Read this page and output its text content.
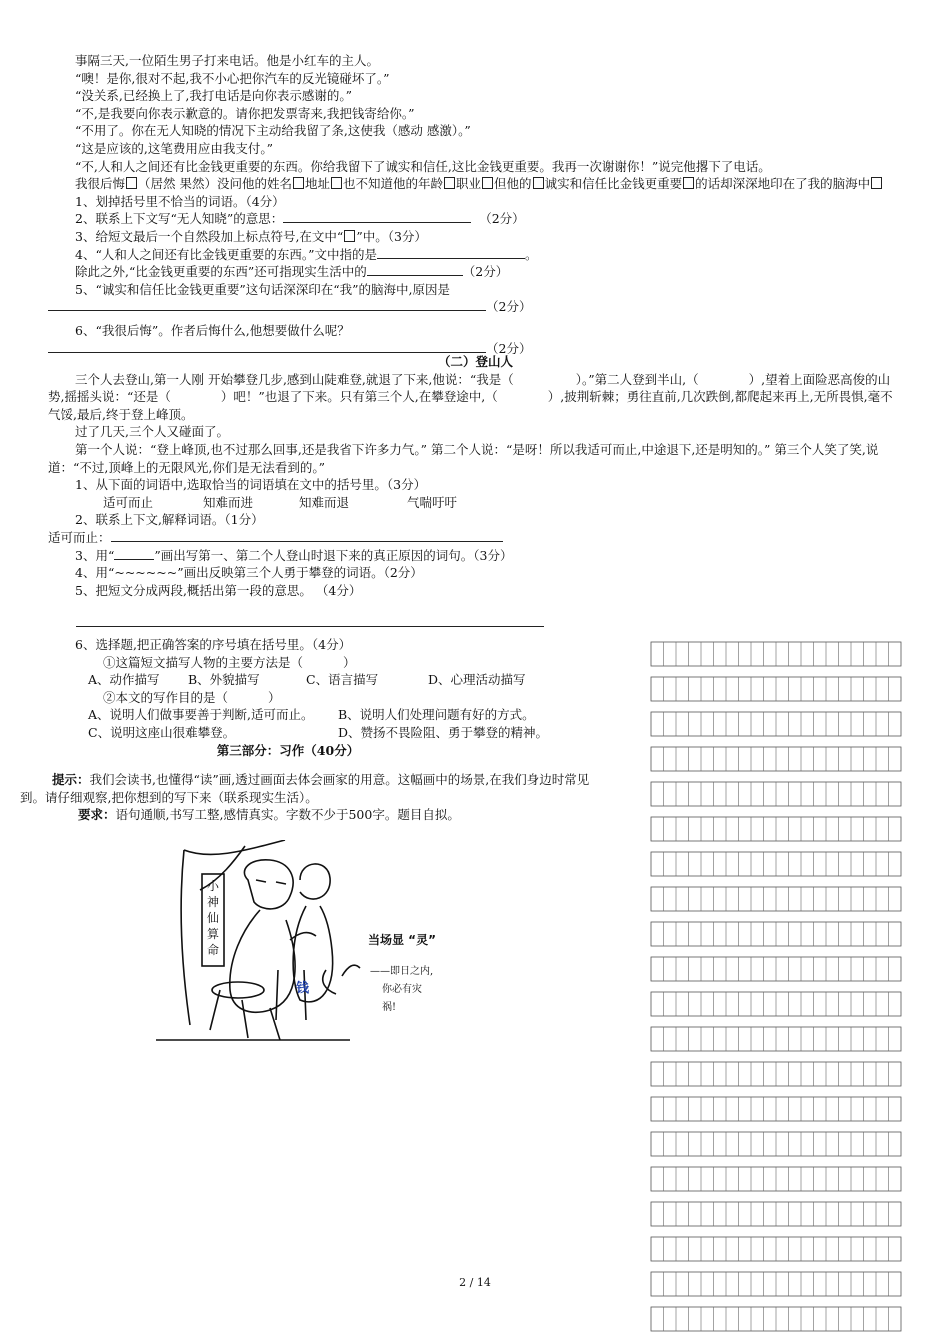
事隔三天,一位陌生男子打来电话。他是小红车的主人。

“噢！是你,很对不起,我不小心把你汽车的反光镜碰坏了。”

“没关系,已经换上了,我打电话是向你表示感谢的。”

“不,是我要向你表示歉意的。请你把发票寄来,我把钱寄给你。”

“不用了。你在无人知晓的情况下主动给我留了条,这使我（感动 感激）。”

“这是应该的,这笔费用应由我支付。”

“不,人和人之间还有比金钱更重要的东西。你给我留下了诚实和信任,这比金钱更重要。我再一次谢谢你！”说完他撂下了电话。

我很后悔 （居然 果然）没问他的姓名 地址 也不知道他的年龄 职业 但他的 诚实和信任比金钱更重要 的话却深深地印在了我的脑海中

1、划掉括号里不恰当的词语。（4分）

2、联系上下文写“无人知晓”的意思：	（2分）

3、给短文最后一个自然段加上标点符号,在文中“ ”中。（3分）

4、“人和人之间还有比金钱更重要的东西。”文中指的是	。

除此之外,“比金钱更重要的东西”还可指现实生活中的	（2分）

5、“诚实和信任比金钱更重要”这句话深深印在“我”的脑海中,原因是

（2分）

6、“我很后悔”。作者后悔什么,他想要做什么呢？

（2分）

（二）登山人

三个人去登山,第一人刚 开始攀登几步,感到山陡难登,就退了下来,他说：“我是（	）。”第二人登到半山,（	）,望着上面险恶高俊的山势,摇摇头说：“还是（	）吧！”也退了下来。只有第三个人,在攀登途中,（	）,披荆斩棘；勇往直前,几次跌倒,都爬起来再上,无所畏惧,毫不气馁,最后,终于登上峰顶。

过了几天,三个人又碰面了。

第一个人说：“登上峰顶,也不过那么回事,还是我省下许多力气。” 第二个人说：“是呀！所以我适可而止,中途退下,还是明知的。” 第三个人笑了笑,说道：“不过,顶峰上的无限风光,你们是无法看到的。”

1、从下面的词语中,选取恰当的词语填在文中的括号里。（3分）

适可而止	知难而进	知难而退	气喘吁吁

2、联系上下文,解释词语。（1分）

适可而止：

3、用“	”画出写第一、第二个人登山时退下来的真正原因的词句。（3分）

4、用“~~~~~~”画出反映第三个人勇于攀登的词语。（2分）

5、把短文分成两段,概括出第一段的意思。 （4分）

6、选择题,把正确答案的序号填在括号里。（4分）

①这篇短文描写人物的主要方法是（	）

A、动作描写 B、外貌描写	C、语言描写	D、心理活动描写

②本文的写作目的是（	）

A、说明人们做事要善于判断,适可而止。 B、说明人们处理问题有好的方式。

C、说明这座山很难攀登。	D、赞扬不畏险阻、勇于攀登的精神。

第三部分：习作（40分）

提示：我们会读书,也懂得“读”画,透过画面去体会画家的用意。这幅画中的场景,在我们身边时常见到。请仔细观察,把你想到的写下来（联系现实生活）。

要求：语句通顺,书写工整,感情真实。字数不少于500字。题目自拟。

小
神
仙
算
命
钱
当场显 “灵”
——即日之内,
你必有灾
祸!
2 / 14
